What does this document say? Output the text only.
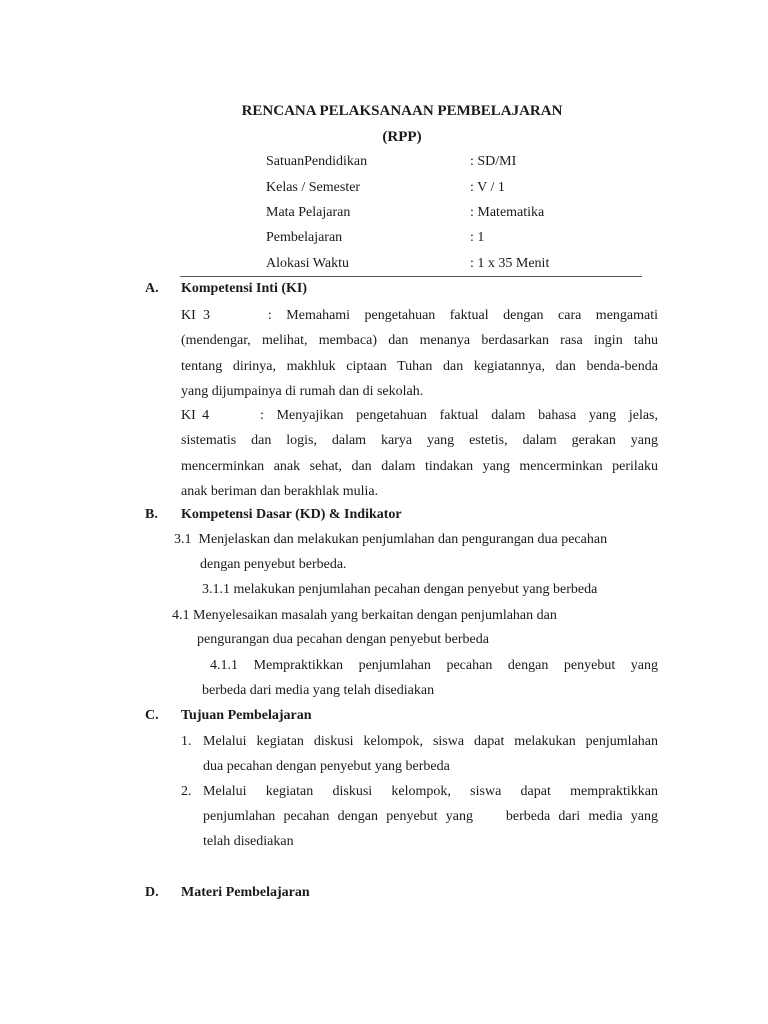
RENCANA PELAKSANAAN PEMBELAJARAN
(RPP)
SatuanPendidikan	: SD/MI
Kelas / Semester	: V / 1
Mata Pelajaran	: Matematika
Pembelajaran	: 1
Alokasi Waktu	: 1 x 35 Menit
A. Kompetensi Inti (KI)
KI 3        :  Memahami  pengetahuan  faktual  dengan  cara  mengamati
(mendengar, melihat, membaca) dan menanya berdasarkan rasa ingin tahu
tentang dirinya, makhluk ciptaan Tuhan dan kegiatannya, dan benda-benda
yang dijumpainya di rumah dan di sekolah.
KI 4        :  Menyajikan  pengetahuan  faktual  dalam  bahasa  yang  jelas,
sistematis dan logis, dalam karya yang estetis, dalam gerakan yang
mencerminkan anak sehat, dan dalam tindakan yang mencerminkan perilaku
anak beriman dan berakhlak mulia.
B. Kompetensi Dasar (KD) & Indikator
3.1  Menjelaskan dan melakukan penjumlahan dan pengurangan dua pecahan
dengan penyebut berbeda.
3.1.1 melakukan penjumlahan pecahan dengan penyebut yang berbeda
4.1 Menyelesaikan masalah yang berkaitan dengan penjumlahan dan
pengurangan dua pecahan dengan penyebut berbeda
4.1.1  Mempraktikkan  penjumlahan  pecahan  dengan  penyebut  yang
berbeda dari media yang telah disediakan
C. Tujuan Pembelajaran
1. Melalui kegiatan diskusi kelompok, siswa dapat melakukan penjumlahan
dua pecahan dengan penyebut yang berbeda
2. Melalui  kegiatan  diskusi  kelompok,  siswa  dapat  mempraktikkan
penjumlahan pecahan dengan penyebut yang    berbeda dari media yang
telah disediakan
D. Materi Pembelajaran
